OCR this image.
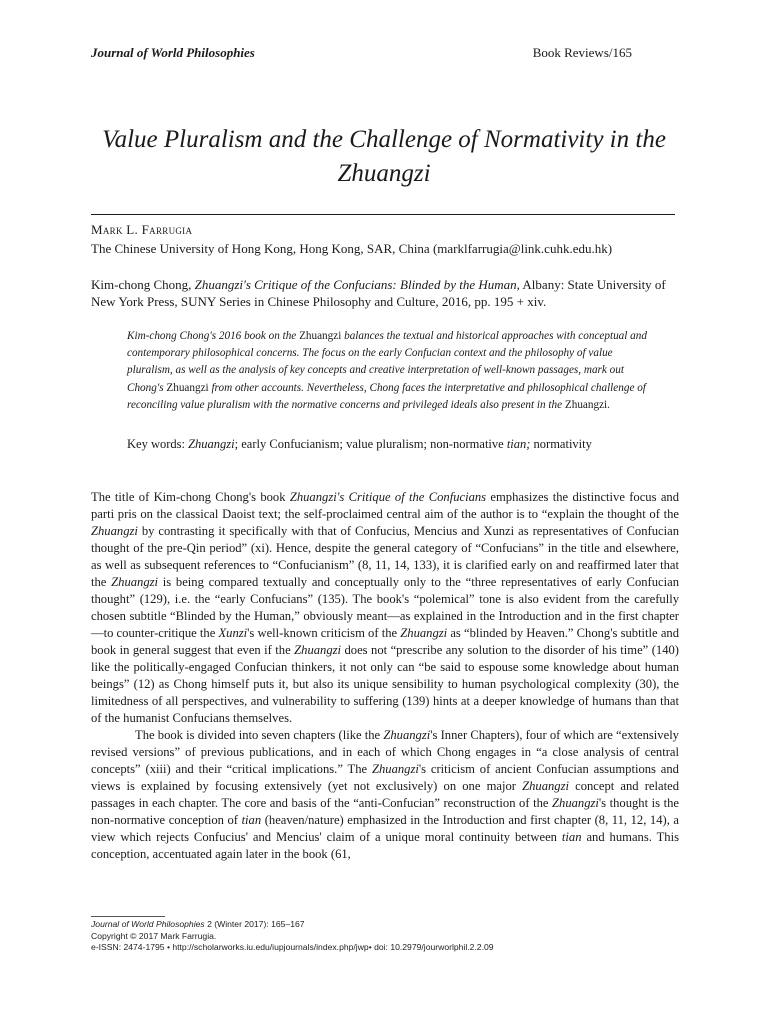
Journal of World Philosophies	Book Reviews/165
Value Pluralism and the Challenge of Normativity in the Zhuangzi
Mark L. Farrugia
The Chinese University of Hong Kong, Hong Kong, SAR, China (marklfarrugia@link.cuhk.edu.hk)
Kim-chong Chong, Zhuangzi's Critique of the Confucians: Blinded by the Human, Albany: State University of New York Press, SUNY Series in Chinese Philosophy and Culture, 2016, pp. 195 + xiv.
Kim-chong Chong's 2016 book on the Zhuangzi balances the textual and historical approaches with conceptual and contemporary philosophical concerns. The focus on the early Confucian context and the philosophy of value pluralism, as well as the analysis of key concepts and creative interpretation of well-known passages, mark out Chong's Zhuangzi from other accounts. Nevertheless, Chong faces the interpretative and philosophical challenge of reconciling value pluralism with the normative concerns and privileged ideals also present in the Zhuangzi.
Key words: Zhuangzi; early Confucianism; value pluralism; non-normative tian; normativity

The title of Kim-chong Chong's book Zhuangzi's Critique of the Confucians emphasizes the distinctive focus and parti pris on the classical Daoist text; the self-proclaimed central aim of the author is to “explain the thought of the Zhuangzi by contrasting it specifically with that of Confucius, Mencius and Xunzi as representatives of Confucian thought of the pre-Qin period” (xi). Hence, despite the general category of “Confucians” in the title and elsewhere, as well as subsequent references to “Confucianism” (8, 11, 14, 133), it is clarified early on and reaffirmed later that the Zhuangzi is being compared textually and conceptually only to the “three representatives of early Confucian thought” (129), i.e. the “early Confucians” (135). The book's “polemical” tone is also evident from the carefully chosen subtitle “Blinded by the Human,” obviously meant—as explained in the Introduction and in the first chapter—to counter-critique the Xunzi's well-known criticism of the Zhuangzi as “blinded by Heaven.” Chong's subtitle and book in general suggest that even if the Zhuangzi does not “prescribe any solution to the disorder of his time” (140) like the politically-engaged Confucian thinkers, it not only can “be said to espouse some knowledge about human beings” (12) as Chong himself puts it, but also its unique sensibility to human psychological complexity (30), the limitedness of all perspectives, and vulnerability to suffering (139) hints at a deeper knowledge of humans than that of the humanist Confucians themselves.

The book is divided into seven chapters (like the Zhuangzi's Inner Chapters), four of which are “extensively revised versions” of previous publications, and in each of which Chong engages in “a close analysis of central concepts” (xiii) and their “critical implications.” The Zhuangzi's criticism of ancient Confucian assumptions and views is explained by focusing extensively (yet not exclusively) on one major Zhuangzi concept and related passages in each chapter. The core and basis of the “anti-Confucian” reconstruction of the Zhuangzi's thought is the non-normative conception of tian (heaven/nature) emphasized in the Introduction and first chapter (8, 11, 12, 14), a view which rejects Confucius' and Mencius' claim of a unique moral continuity between tian and humans. This conception, accentuated again later in the book (61,

Journal of World Philosophies 2 (Winter 2017): 165–167
Copyright © 2017 Mark Farrugia.
e-ISSN: 2474-1795 • http://scholarworks.iu.edu/iupjournals/index.php/jwp• doi: 10.2979/jourworlphil.2.2.09
